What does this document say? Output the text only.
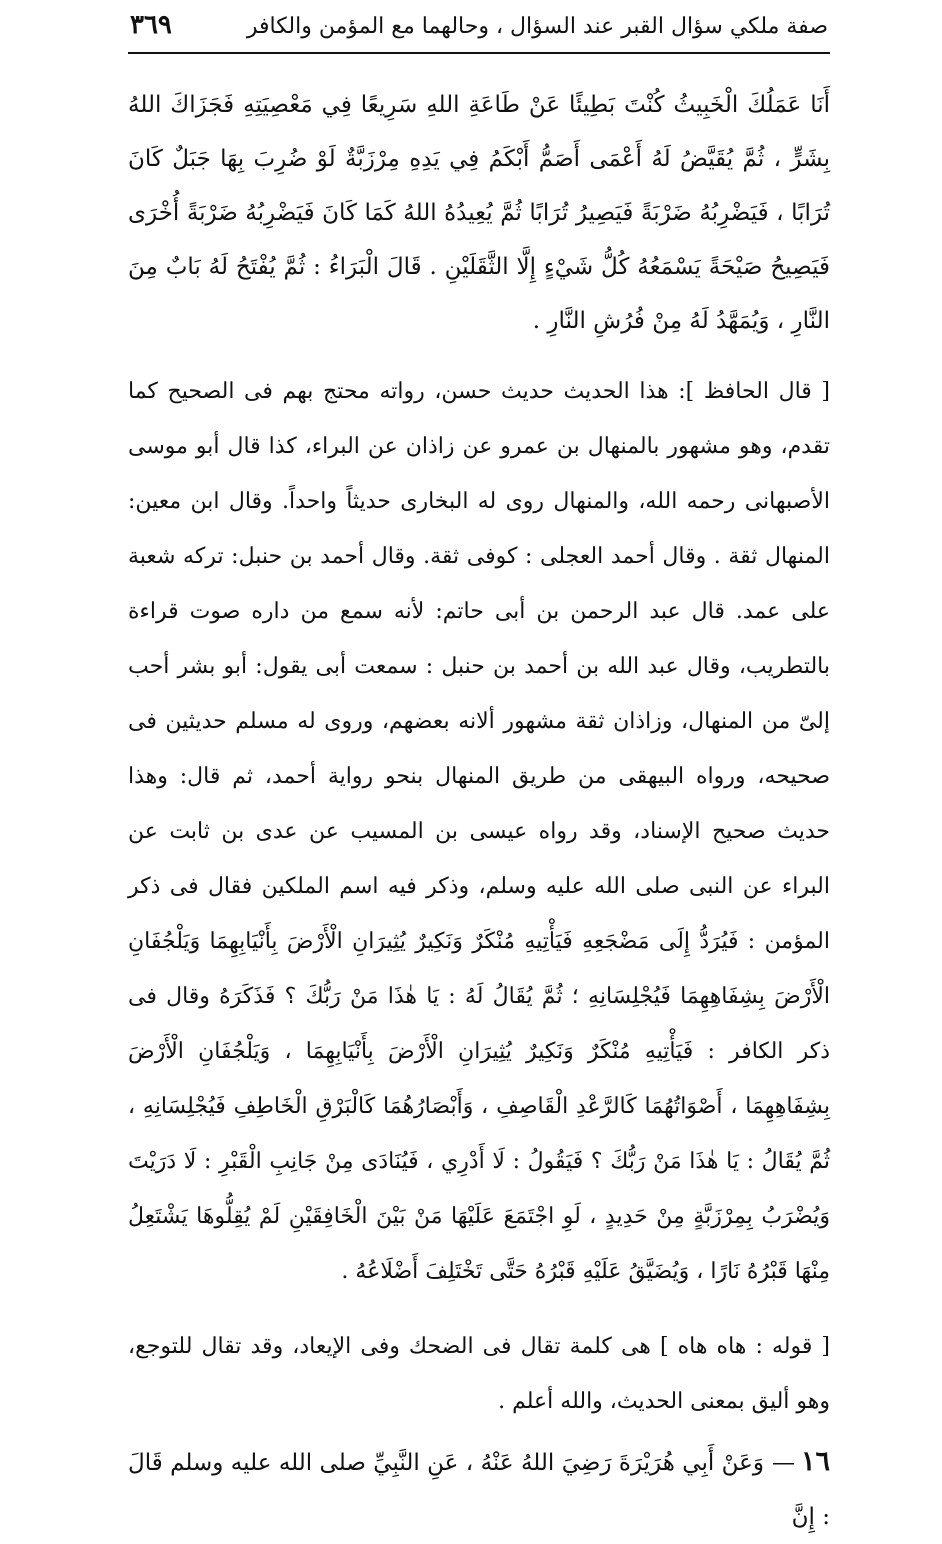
صفة ملكي سؤال القبر عند السؤال ، وحالهما مع المؤمن والكافر
٣٦٩

أَنَا عَمَلُكَ الْخَبِيثُ كُنْتَ بَطِيئًا عَنْ طَاعَةِ اللهِ سَرِيعًا فِي مَعْصِيَتِهِ فَجَزَاكَ اللهُ بِشَرٍّ ، ثُمَّ يُقَيَّضُ لَهُ أَعْمَى أَصَمُّ أَبْكَمُ فِي يَدِهِ مِرْزَبَّةٌ لَوْ ضُرِبَ بِهَا جَبَلٌ كَانَ تُرَابًا ، فَيَضْرِبُهُ ضَرْبَةً فَيَصِيرُ تُرَابًا ثُمَّ يُعِيدُهُ اللهُ كَمَا كَانَ فَيَضْرِبُهُ ضَرْبَةً أُخْرَى فَيَصِيحُ صَيْحَةً يَسْمَعُهُ كُلُّ شَيْءٍ إِلَّا الثَّقَلَيْنِ . قَالَ الْبَرَاءُ : ثُمَّ يُفْتَحُ لَهُ بَابٌ مِنَ النَّارِ ، وَيُمَهَّدُ لَهُ مِنْ فُرُشِ النَّارِ .

[ قال الحافظ ]: هذا الحديث حديث حسن، رواته محتج بهم فى الصحيح كما تقدم، وهو مشهور بالمنهال بن عمرو عن زاذان عن البراء، كذا قال أبو موسى الأصبهانى رحمه الله، والمنهال روى له البخارى حديثاً واحداً. وقال ابن معين: المنهال ثقة . وقال أحمد العجلى : كوفى ثقة. وقال أحمد بن حنبل: تركه شعبة على عمد. قال عبد الرحمن بن أبى حاتم: لأنه سمع من داره صوت قراءة بالتطريب، وقال عبد الله بن أحمد بن حنبل : سمعت أبى يقول: أبو بشر أحب إلىّ من المنهال، وزاذان ثقة مشهور ألانه بعضهم، وروى له مسلم حديثين فى صحيحه، ورواه البيهقى من طريق المنهال بنحو رواية أحمد، ثم قال: وهذا حديث صحيح الإسناد، وقد رواه عيسى بن المسيب عن عدى بن ثابت عن البراء عن النبى صلى الله عليه وسلم، وذكر فيه اسم الملكين فقال فى ذكر المؤمن : فَيُرَدُّ إِلَى مَضْجَعِهِ فَيَأْتِيهِ مُنْكَرٌ وَنَكِيرٌ يُثِيرَانِ الْأَرْضَ بِأَنْيَابِهِمَا وَيَلْجُفَانِ الْأَرْضَ بِشِفَاهِهِمَا فَيُجْلِسَانِهِ ؛ ثُمَّ يُقَالُ لَهُ : يَا هٰذَا مَنْ رَبُّكَ ؟ فَذَكَرَهُ وقال فى ذكر الكافر : فَيَأْتِيهِ مُنْكَرٌ وَنَكِيرٌ يُثِيرَانِ الْأَرْضَ بِأَنْيَابِهِمَا ، وَيَلْجُفَانِ الْأَرْضَ بِشِفَاهِهِمَا ، أَصْوَاتُهُمَا كَالرَّعْدِ الْقَاصِفِ ، وَأَبْصَارُهُمَا كَالْبَرْقِ الْخَاطِفِ فَيُجْلِسَانِهِ ، ثُمَّ يُقَالُ : يَا هٰذَا مَنْ رَبُّكَ ؟ فَيَقُولُ : لَا أَدْرِي ، فَيُنَادَى مِنْ جَانِبِ الْقَبْرِ : لَا دَرَيْتَ وَيُضْرَبُ بِمِرْزَبَّةٍ مِنْ حَدِيدٍ ، لَوِ اجْتَمَعَ عَلَيْهَا مَنْ بَيْنَ الْخَافِقَيْنِ لَمْ يُقِلُّوهَا يَشْتَعِلُ مِنْهَا قَبْرُهُ نَارًا ، وَيُضَيَّقُ عَلَيْهِ قَبْرُهُ حَتَّى تَخْتَلِفَ أَضْلَاعُهُ .

[ قوله : هاه هاه ] هى كلمة تقال فى الضحك وفى الإيعاد، وقد تقال للتوجع، وهو أليق بمعنى الحديث، والله أعلم .

١٦—وَعَنْ أَبِي هُرَيْرَةَ رَضِيَ اللهُ عَنْهُ ، عَنِ النَّبِيِّ صلى الله عليه وسلم قَالَ : إِنَّ
